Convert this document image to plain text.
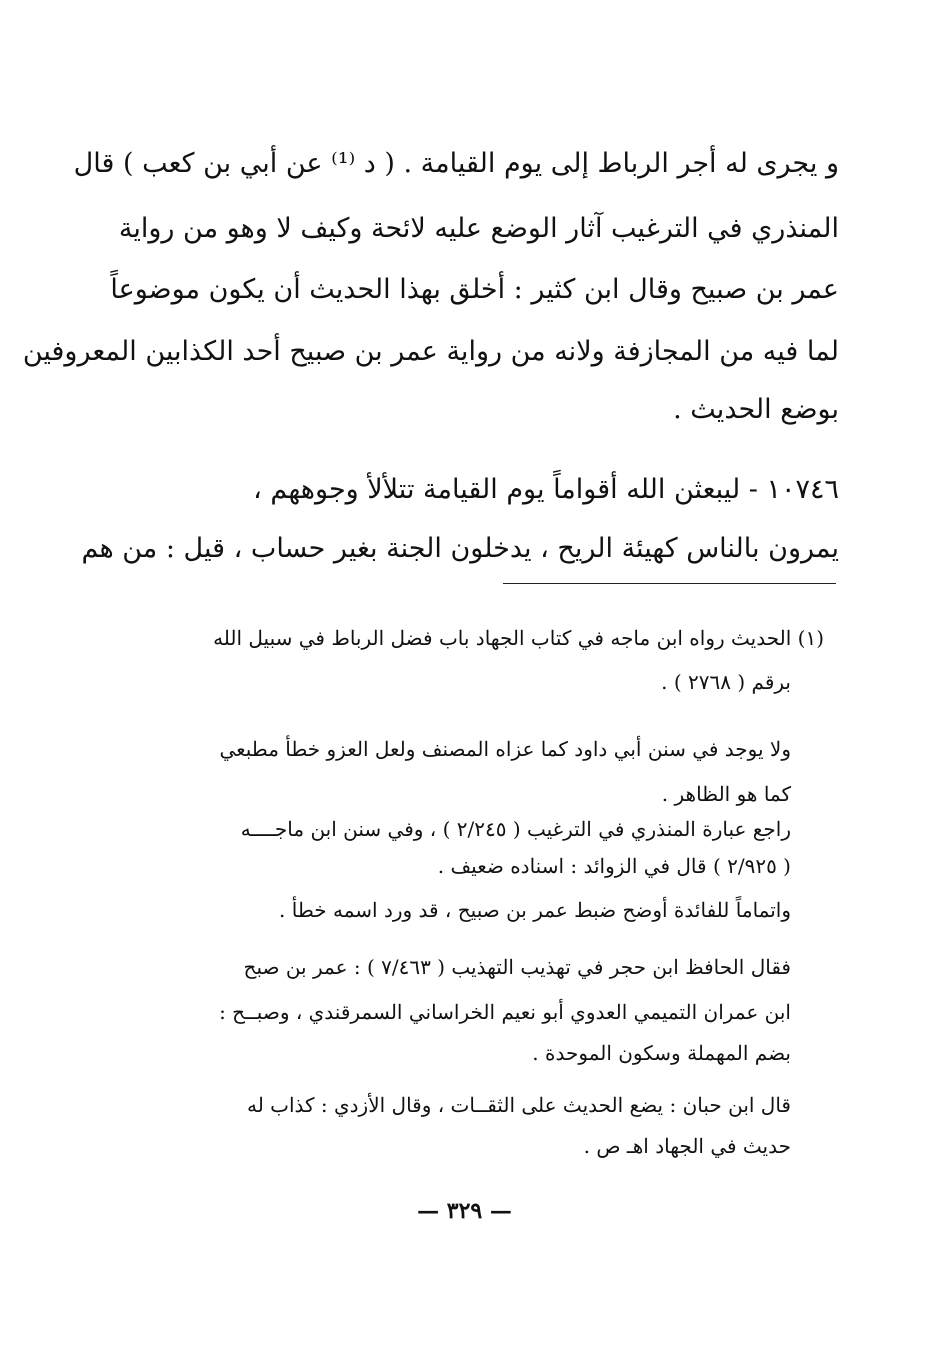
و يجرى له أجر الرباط إلى يوم القيامة . ( د ⁽¹⁾ عن أبي بن كعب ) قال
المنذري في الترغيب آثار الوضع عليه لائحة وكيف لا وهو من رواية
عمر بن صبيح وقال ابن كثير : أخلق بهذا الحديث أن يكون موضوعاً
لما فيه من المجازفة ولانه من رواية عمر بن صبيح أحد الكذابين المعروفين
بوضع الحديث .
١٠٧٤٦ - ليبعثن الله أقواماً يوم القيامة تتلألأ وجوههم ،
يمرون بالناس كهيئة الريح ، يدخلون الجنة بغير حساب ، قيل : من هم
(١) الحديث رواه ابن ماجه في كتاب الجهاد باب فضل الرباط في سبيل الله
برقم ( ٢٧٦٨ ) .
ولا يوجد في سنن أبي داود كما عزاه المصنف ولعل العزو خطأ مطبعي
كما هو الظاهر .
راجع عبارة المنذري في الترغيب ( ٢/٢٤٥ ) ، وفي سنن ابن ماجــــه
( ٢/٩٢٥ ) قال في الزوائد : اسناده ضعيف .
واتماماً للفائدة أوضح ضبط عمر بن صبيح ، قد ورد اسمه خطأ .
فقال الحافظ ابن حجر في تهذيب التهذيب ( ٧/٤٦٣ ) : عمر بن صبح
ابن عمران التميمي العدوي أبو نعيم الخراساني السمرقندي ، وصبــح :
بضم المهملة وسكون الموحدة .
قال ابن حبان : يضع الحديث على الثقــات ، وقال الأزدي : كذاب له
حديث في الجهاد اهـ ص .
— ٣٢٩ —
